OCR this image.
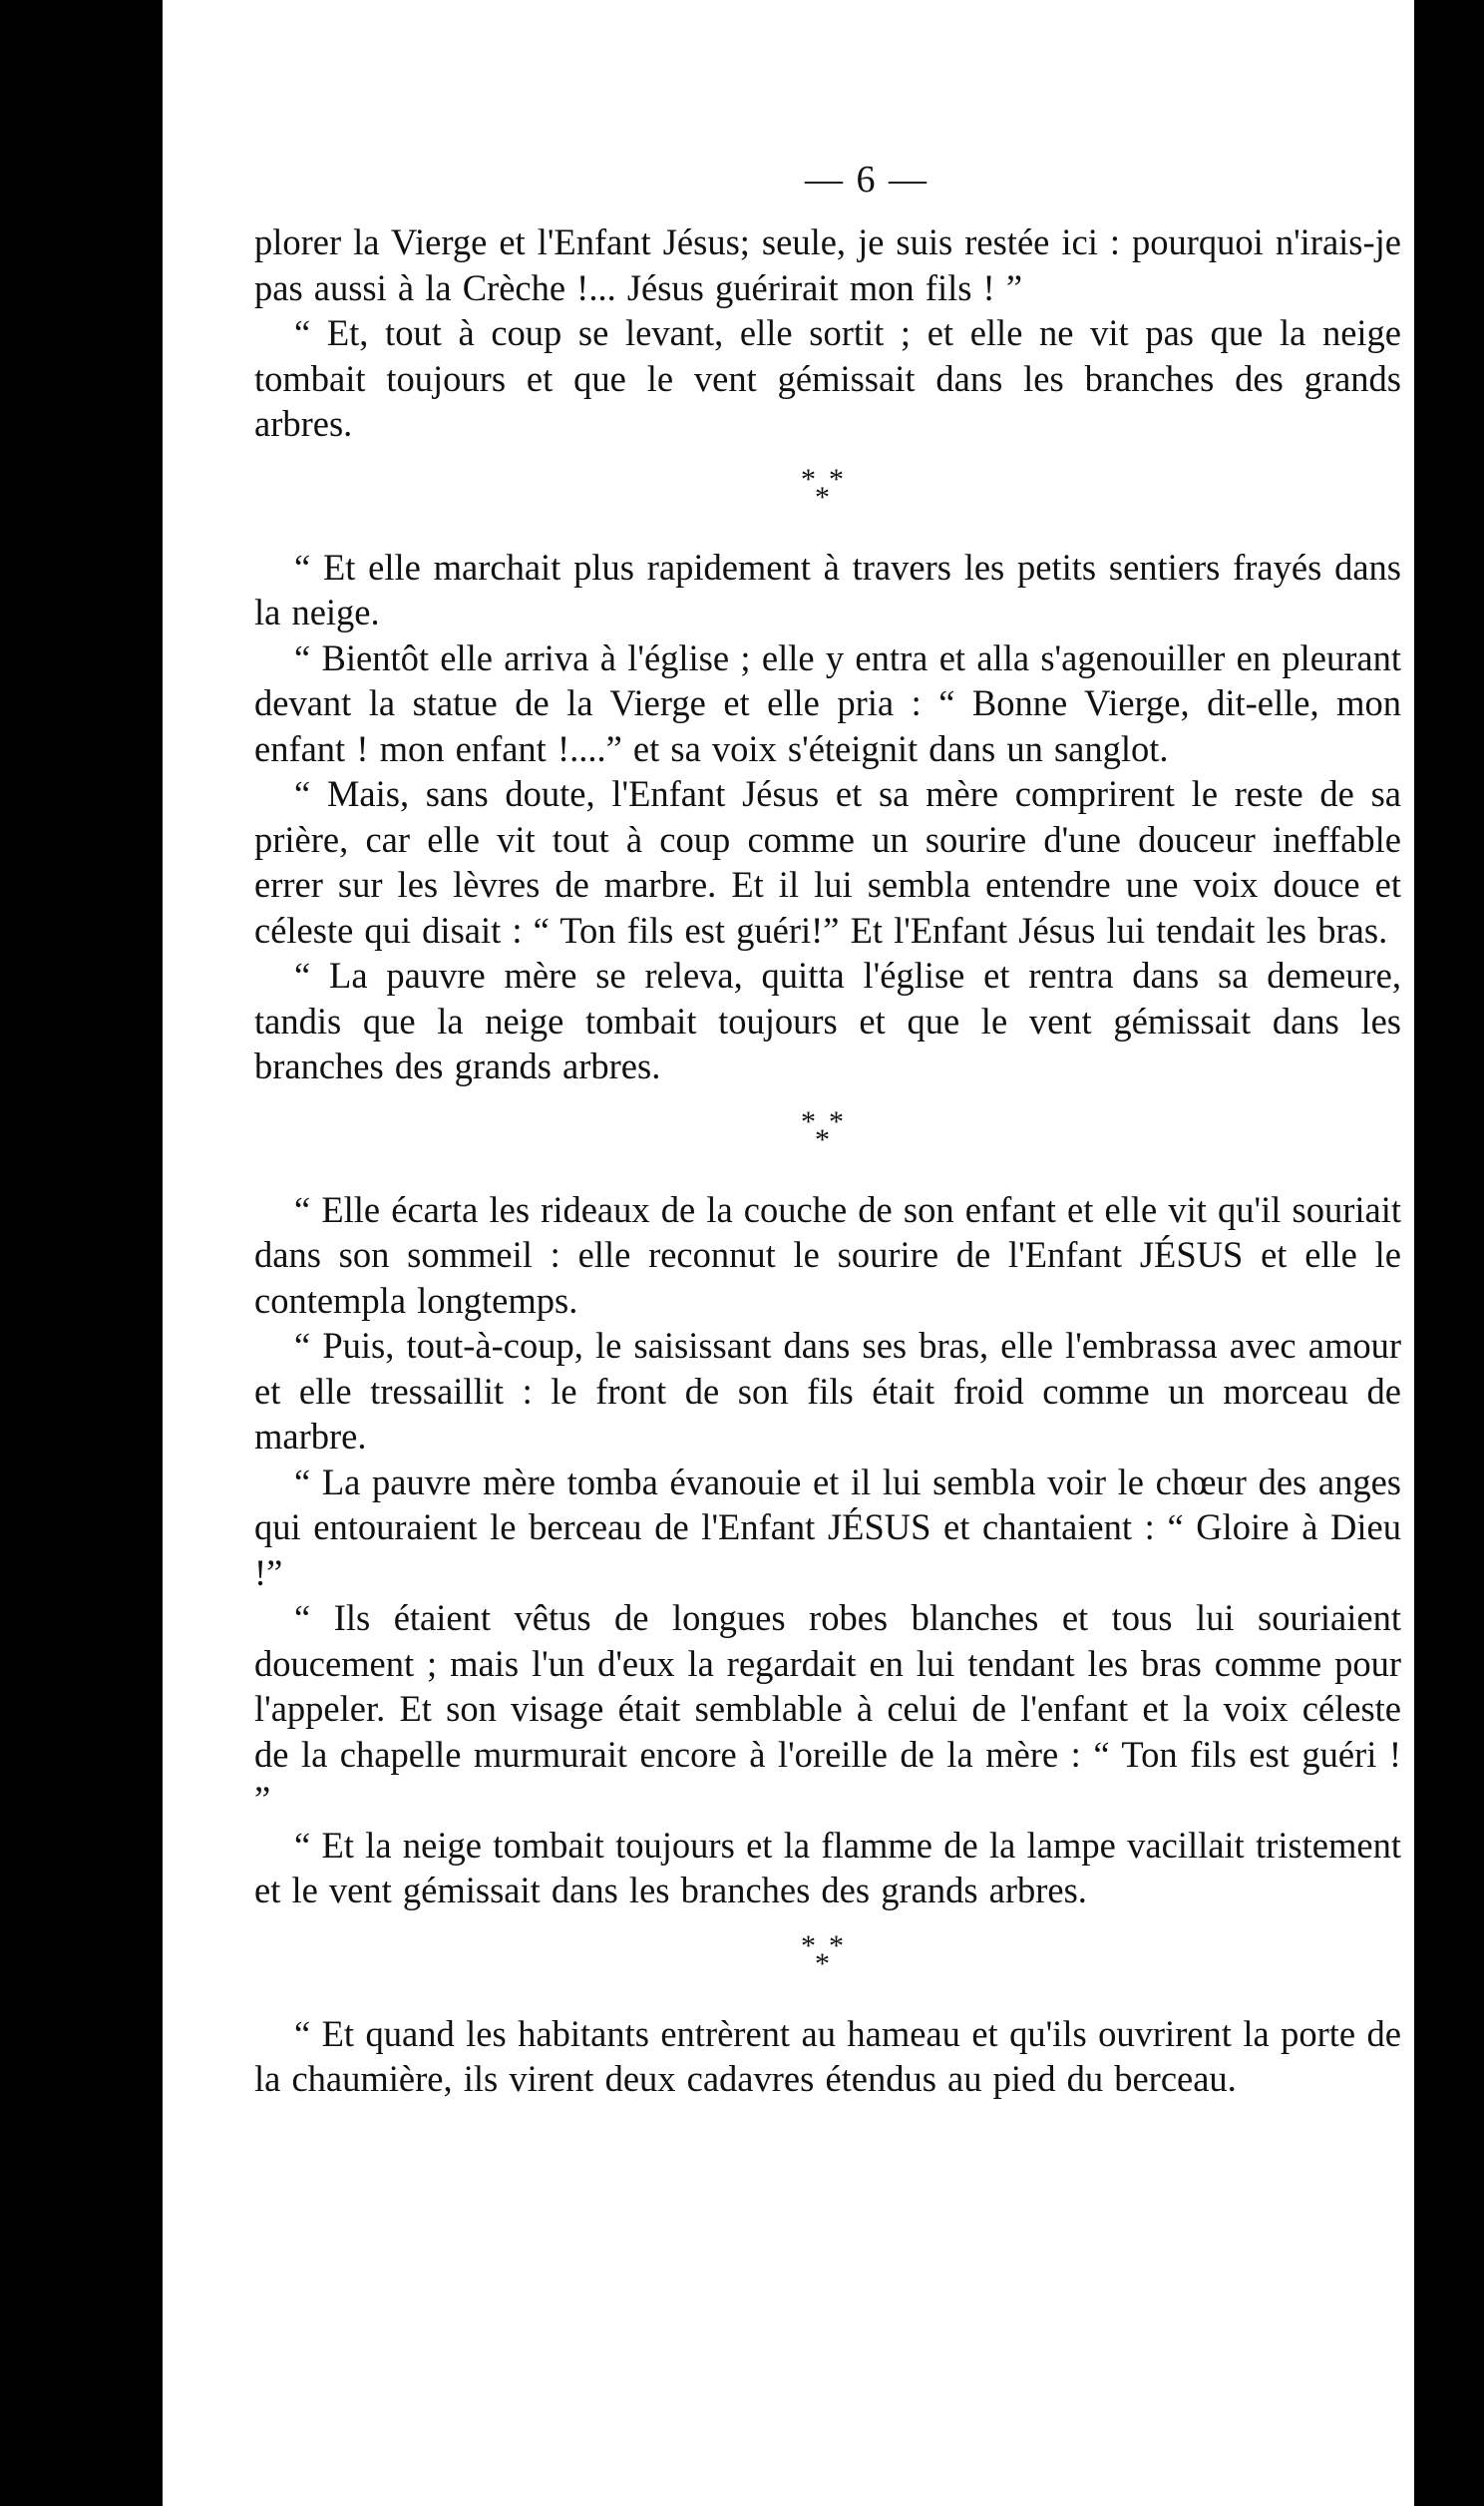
— 6 —

plorer la Vierge et l'Enfant Jésus; seule, je suis restée ici : pourquoi n'irais-je pas aussi à la Crèche !... Jésus guérirait mon fils ! ”

“ Et, tout à coup se levant, elle sortit ; et elle ne vit pas que la neige tombait toujours et que le vent gémissait dans les branches des grands arbres.

* *
*

“ Et elle marchait plus rapidement à travers les petits sentiers frayés dans la neige.

“ Bientôt elle arriva à l'église ; elle y entra et alla s'agenouiller en pleurant devant la statue de la Vierge et elle pria : “ Bonne Vierge, dit-elle, mon enfant ! mon enfant !....” et sa voix s'éteignit dans un sanglot.

“ Mais, sans doute, l'Enfant Jésus et sa mère comprirent le reste de sa prière, car elle vit tout à coup comme un sourire d'une douceur ineffable errer sur les lèvres de marbre. Et il lui sembla entendre une voix douce et céleste qui disait : “ Ton fils est guéri!” Et l'Enfant Jésus lui tendait les bras.

“ La pauvre mère se releva, quitta l'église et rentra dans sa demeure, tandis que la neige tombait toujours et que le vent gémissait dans les branches des grands arbres.

* *
*

“ Elle écarta les rideaux de la couche de son enfant et elle vit qu'il souriait dans son sommeil : elle reconnut le sourire de l'Enfant JÉSUS et elle le contempla longtemps.

“ Puis, tout-à-coup, le saisissant dans ses bras, elle l'embrassa avec amour et elle tressaillit : le front de son fils était froid comme un morceau de marbre.

“ La pauvre mère tomba évanouie et il lui sembla voir le chœur des anges qui entouraient le berceau de l'Enfant JÉSUS et chantaient : “ Gloire à Dieu !”

“ Ils étaient vêtus de longues robes blanches et tous lui souriaient doucement ; mais l'un d'eux la regardait en lui tendant les bras comme pour l'appeler. Et son visage était semblable à celui de l'enfant et la voix céleste de la chapelle murmurait encore à l'oreille de la mère : “ Ton fils est guéri ! ”

“ Et la neige tombait toujours et la flamme de la lampe vacillait tristement et le vent gémissait dans les branches des grands arbres.

* *
*

“ Et quand les habitants entrèrent au hameau et qu'ils ouvrirent la porte de la chaumière, ils virent deux cadavres étendus au pied du berceau.
